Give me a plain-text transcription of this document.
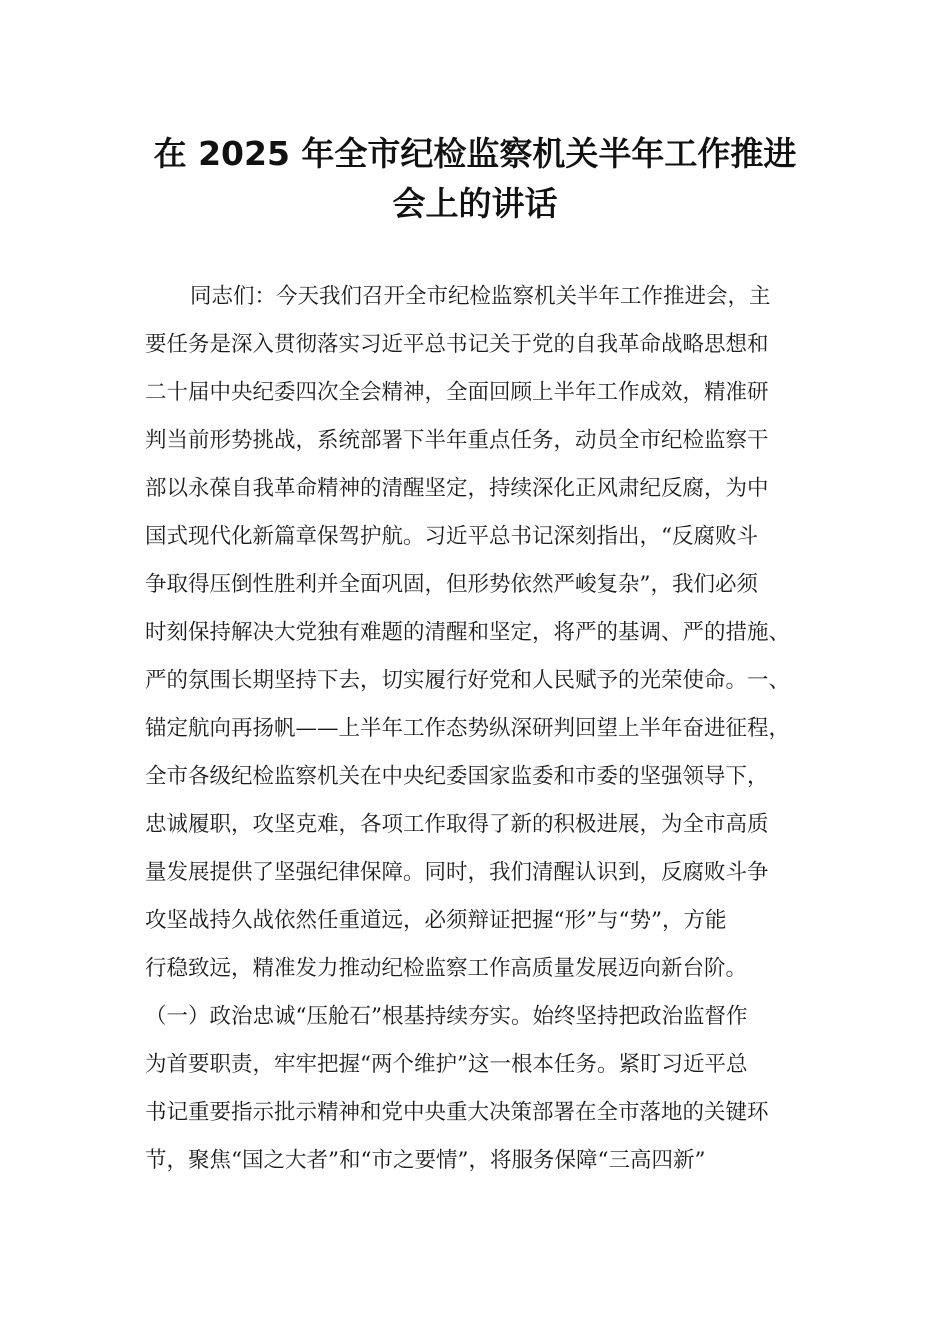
在 2025 年全市纪检监察机关半年工作推进
会上的讲话
同志们：今天我们召开全市纪检监察机关半年工作推进会，主
要任务是深入贯彻落实习近平总书记关于党的自我革命战略思想和
二十届中央纪委四次全会精神，全面回顾上半年工作成效，精准研
判当前形势挑战，系统部署下半年重点任务，动员全市纪检监察干
部以永葆自我革命精神的清醒坚定，持续深化正风肃纪反腐，为中
国式现代化新篇章保驾护航。习近平总书记深刻指出，“反腐败斗
争取得压倒性胜利并全面巩固，但形势依然严峻复杂”，我们必须
时刻保持解决大党独有难题的清醒和坚定，将严的基调、严的措施、
严的氛围长期坚持下去，切实履行好党和人民赋予的光荣使命。一、
锚定航向再扬帆——上半年工作态势纵深研判回望上半年奋进征程，
全市各级纪检监察机关在中央纪委国家监委和市委的坚强领导下，
忠诚履职，攻坚克难，各项工作取得了新的积极进展，为全市高质
量发展提供了坚强纪律保障。同时，我们清醒认识到，反腐败斗争
攻坚战持久战依然任重道远，必须辩证把握“形”与“势”，方能
行稳致远，精准发力推动纪检监察工作高质量发展迈向新台阶。
（一）政治忠诚“压舱石”根基持续夯实。始终坚持把政治监督作
为首要职责，牢牢把握“两个维护”这一根本任务。紧盯习近平总
书记重要指示批示精神和党中央重大决策部署在全市落地的关键环
节，聚焦“国之大者”和“市之要情”，将服务保障“三高四新”
